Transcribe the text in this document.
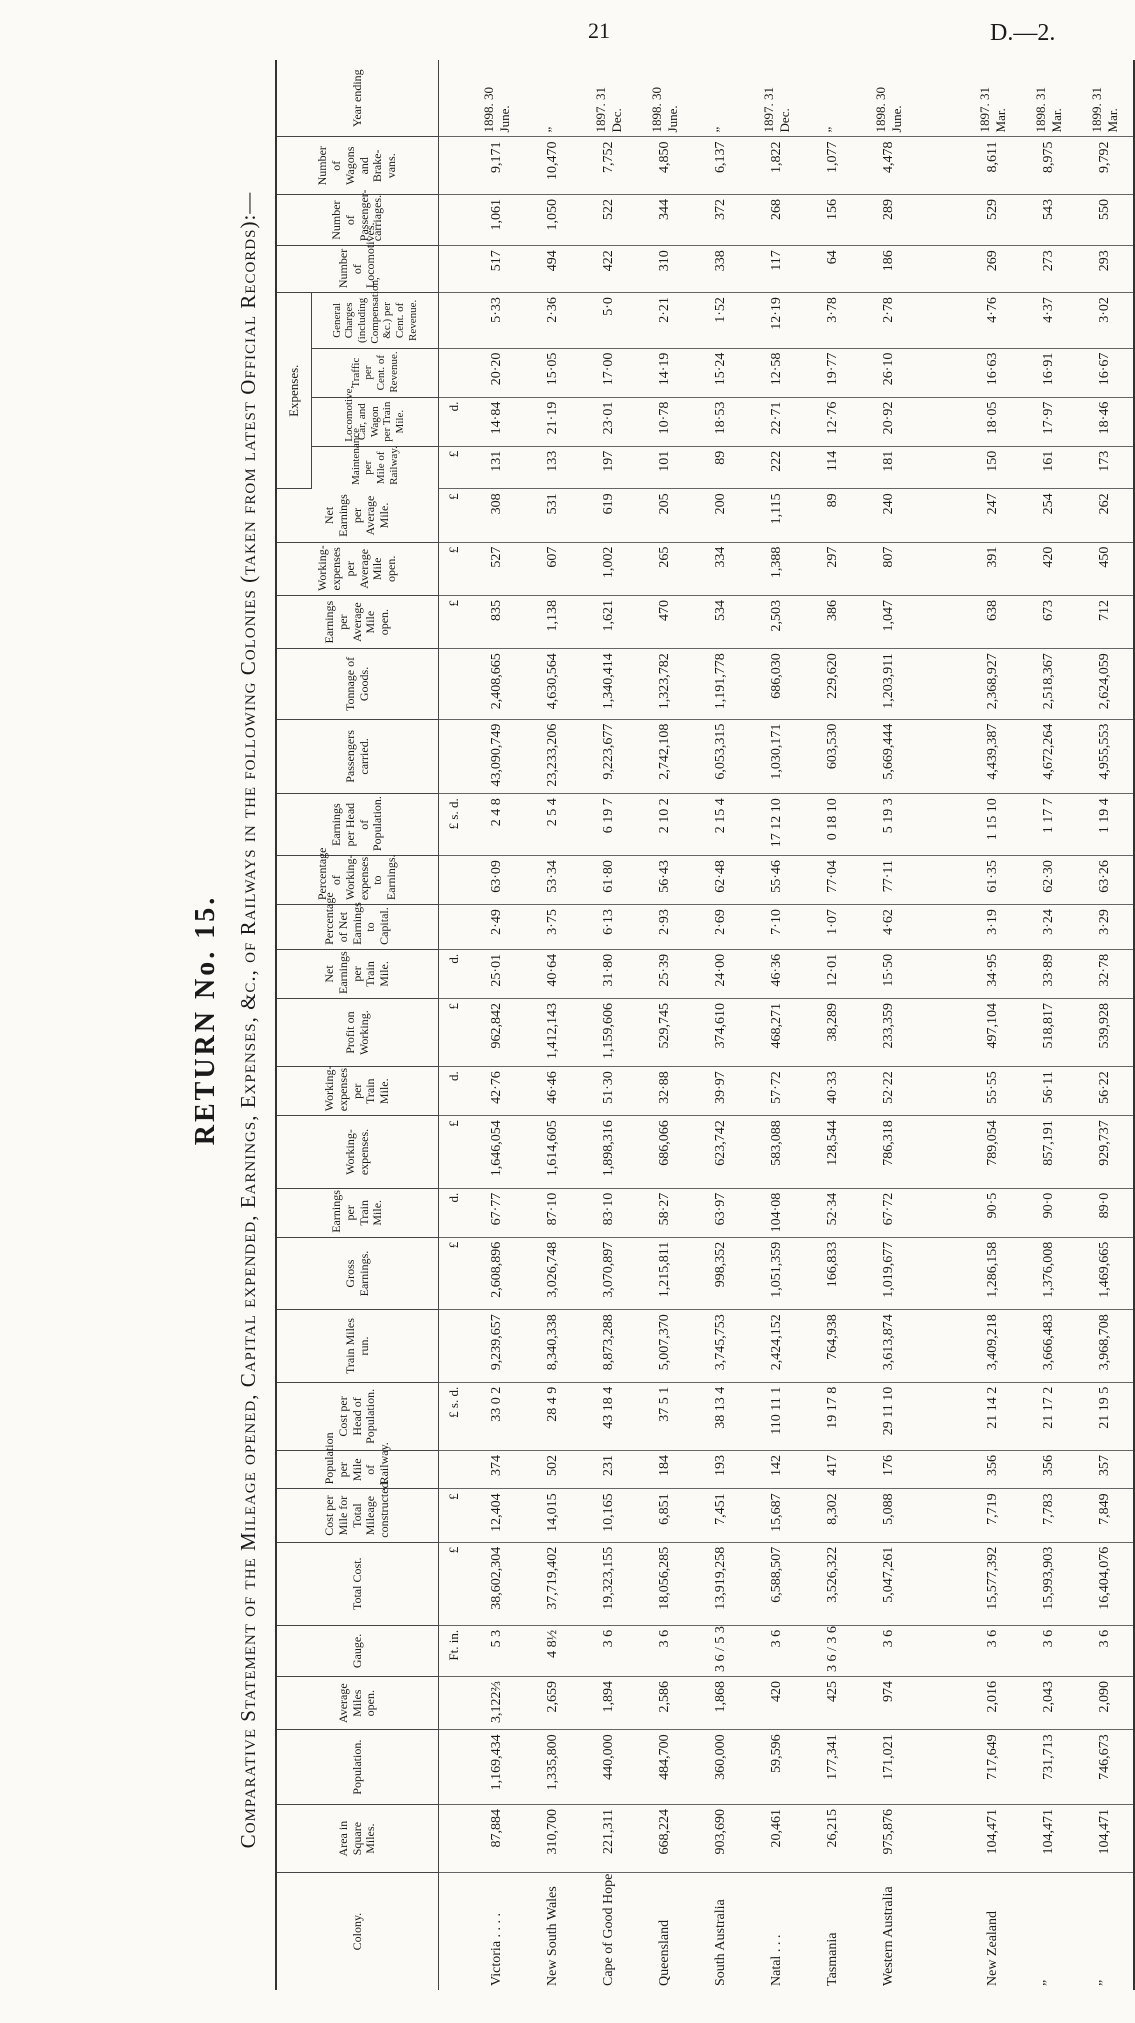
21	D.—2.
RETURN No. 15. Comparative Statement of the Mileage opened, Capital expended, Earnings, Expenses, &c., of Railways in the following Colonies (taken from latest Official Records):—
Colony.	Area in Square Miles.	Population.	Average Miles open.	Gauge.	Total Cost.	Cost per Mile for Total Mileage constructed.	Population per Mile of Railway.	Cost per Head of Population.	Train Miles run.	Gross Earnings.	Earnings per Train Mile.	Working-expenses.	Working-expenses per Train Mile.	Profit on Working.	Net Earnings per Train Mile.	Percentage of Net Earnings to Capital.	Percentage of Working-expenses to Earnings.	Earnings per Head of Population.	Passengers carried.	Tonnage of Goods.	Earnings per Average Mile open.	Working-expenses per Average Mile open.	Net Earnings per Average Mile.	Expenses.				Number of Locomotives.	Number of Passenger-carriages.	Number of Wagons and Brake-vans.	Year ending
																								Maintenance per Mile of Railway.	Locomotive, Car, and Wagon per Train Mile.	Traffic per Cent. of Revenue.	General Charges (including Compensation, &c.) per Cent. of Revenue.				
				Ft. in.	£	£		£ s. d.		£	d.	£	d.	£	d.			£ s. d.			£	£	£	£	d.						
Victoria . . . .	87,884	1,169,434	3,122⅔	5 3	38,602,304	12,404	374	33 0 2	9,239,657	2,608,896	67·77	1,646,054	42·76	962,842	25·01	2·49	63·09	2 4 8	43,090,749	2,408,665	835	527	308	131	14·84	20·20	5·33	517	1,061	9,171	1898. 30 June.
New South Wales	310,700	1,335,800	2,659	4 8½	37,719,402	14,015	502	28 4 9	8,340,338	3,026,748	87·10	1,614,605	46·46	1,412,143	40·64	3·75	53·34	2 5 4	23,233,206	4,630,564	1,138	607	531	133	21·19	15·05	2·36	494	1,050	10,470	”
Cape of Good Hope	221,311	440,000	1,894	3 6	19,323,155	10,165	231	43 18 4	8,873,288	3,070,897	83·10	1,898,316	51·30	1,159,606	31·80	6·13	61·80	6 19 7	9,223,677	1,340,414	1,621	1,002	619	197	23·01	17·00	5·0	422	522	7,752	1897. 31 Dec.
Queensland	668,224	484,700	2,586	3 6	18,056,285	6,851	184	37 5 1	5,007,370	1,215,811	58·27	686,066	32·88	529,745	25·39	2·93	56·43	2 10 2	2,742,108	1,323,782	470	265	205	101	10·78	14·19	2·21	310	344	4,850	1898. 30 June.
South Australia	903,690	360,000	1,868	3 6 / 5 3	13,919,258	7,451	193	38 13 4	3,745,753	998,352	63·97	623,742	39·97	374,610	24·00	2·69	62·48	2 15 4	6,053,315	1,191,778	534	334	200	89	18·53	15·24	1·52	338	372	6,137	”
Natal . . .	20,461	59,596	420	3 6	6,588,507	15,687	142	110 11 1	2,424,152	1,051,359	104·08	583,088	57·72	468,271	46·36	7·10	55·46	17 12 10	1,030,171	686,030	2,503	1,388	1,115	222	22·71	12·58	12·19	117	268	1,822	1897. 31 Dec.
Tasmania	26,215	177,341	425	3 6 / 3 6	3,526,322	8,302	417	19 17 8	764,938	166,833	52·34	128,544	40·33	38,289	12·01	1·07	77·04	0 18 10	603,530	229,620	386	297	89	114	12·76	19·77	3·78	64	156	1,077	”
Western Australia	975,876	171,021	974	3 6	5,047,261	5,088	176	29 11 10	3,613,874	1,019,677	67·72	786,318	52·22	233,359	15·50	4·62	77·11	5 19 3	5,669,444	1,203,911	1,047	807	240	181	20·92	26·10	2·78	186	289	4,478	1898. 30 June.

New Zealand	104,471	717,649	2,016	3 6	15,577,392	7,719	356	21 14 2	3,409,218	1,286,158	90·5	789,054	55·55	497,104	34·95	3·19	61·35	1 15 10	4,439,387	2,368,927	638	391	247	150	18·05	16·63	4·76	269	529	8,611	1897. 31 Mar.
”	104,471	731,713	2,043	3 6	15,993,903	7,783	356	21 17 2	3,666,483	1,376,008	90·0	857,191	56·11	518,817	33·89	3·24	62·30	1 17 7	4,672,264	2,518,367	673	420	254	161	17·97	16·91	4·37	273	543	8,975	1898. 31 Mar.
”	104,471	746,673	2,090	3 6	16,404,076	7,849	357	21 19 5	3,968,708	1,469,665	89·0	929,737	56·22	539,928	32·78	3·29	63·26	1 19 4	4,955,553	2,624,059	712	450	262	173	18·46	16·67	3·02	293	550	9,792	1899. 31 Mar.
